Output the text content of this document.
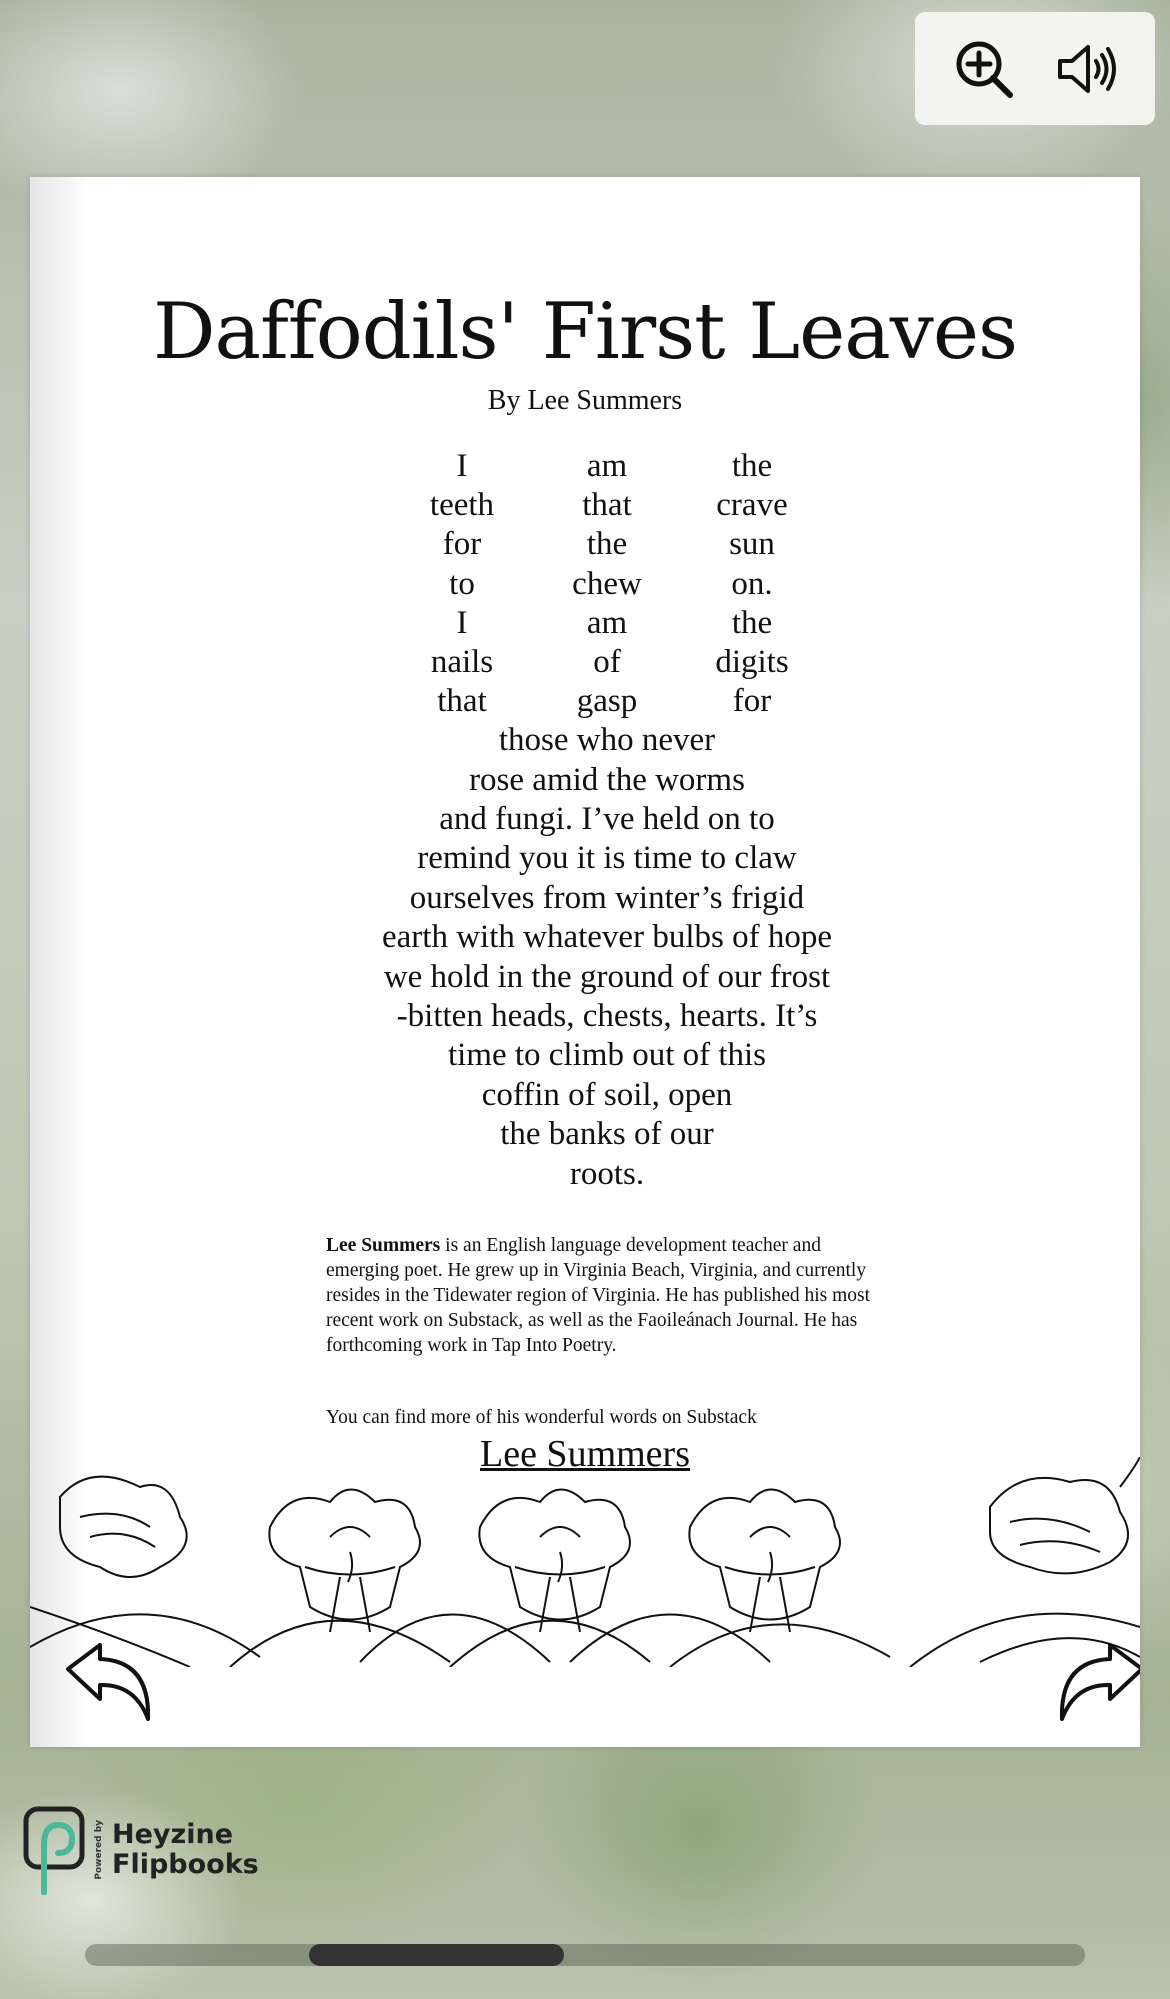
Daffodils' First Leaves
By Lee Summers
I	am	the
teeth	that	crave
for	the	sun
to	chew	on.
I	am	the
nails	of	digits
that	gasp	for
those who never
rose amid the worms
and fungi. I’ve held on to
remind you it is time to claw
ourselves from winter’s frigid
earth with whatever bulbs of hope
we hold in the ground of our frost
-bitten heads, chests, hearts. It’s
time to climb out of this
coffin of soil, open
the banks of our
roots.
Lee Summers is an English language development teacher and emerging poet. He grew up in Virginia Beach, Virginia, and currently resides in the Tidewater region of Virginia. He has published his most recent work on Substack, as well as the Faoileánach Journal. He has forthcoming work in Tap Into Poetry.
You can find more of his wonderful words on Substack
Lee Summers
Powered by Heyzine
Flipbooks
